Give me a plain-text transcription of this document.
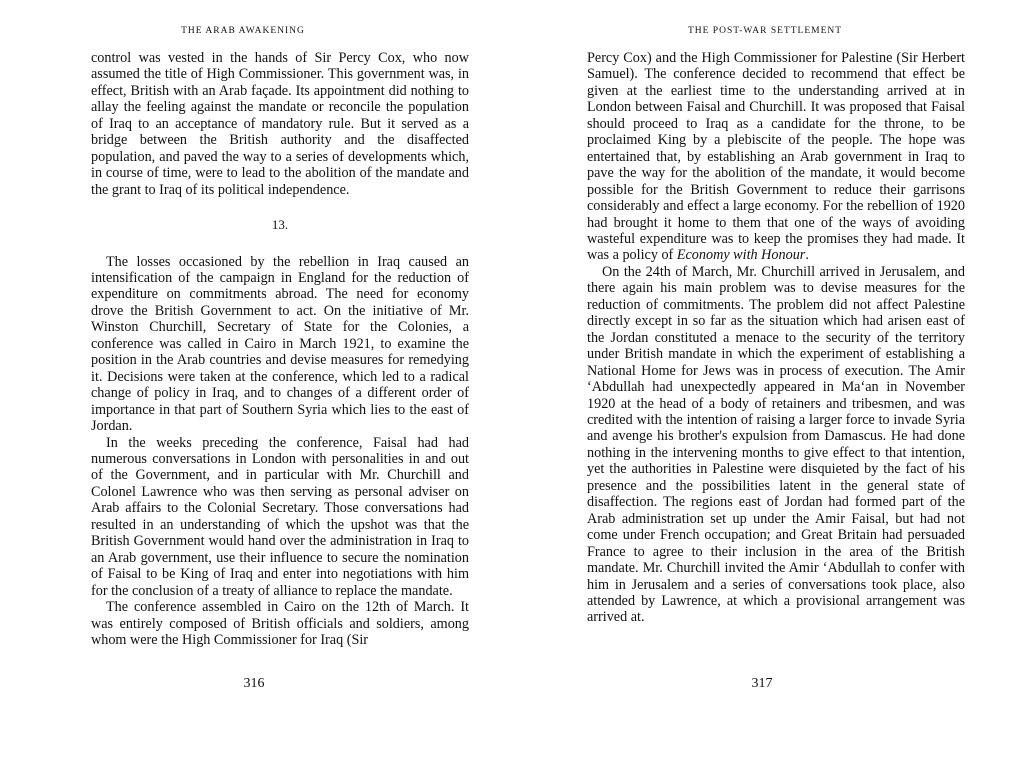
THE ARAB AWAKENING

control was vested in the hands of Sir Percy Cox, who now assumed the title of High Commissioner. This government was, in effect, British with an Arab façade. Its appointment did nothing to allay the feeling against the mandate or reconcile the population of Iraq to an acceptance of mandatory rule. But it served as a bridge between the British authority and the disaffected population, and paved the way to a series of developments which, in course of time, were to lead to the abolition of the mandate and the grant to Iraq of its political independence.

13.

The losses occasioned by the rebellion in Iraq caused an intensification of the campaign in England for the reduction of expenditure on commitments abroad. The need for economy drove the British Government to act. On the initiative of Mr. Winston Churchill, Secretary of State for the Colonies, a conference was called in Cairo in March 1921, to examine the position in the Arab countries and devise measures for remedying it. Decisions were taken at the conference, which led to a radical change of policy in Iraq, and to changes of a different order of importance in that part of Southern Syria which lies to the east of Jordan.

In the weeks preceding the conference, Faisal had had numerous conversations in London with personalities in and out of the Government, and in particular with Mr. Churchill and Colonel Lawrence who was then serving as personal adviser on Arab affairs to the Colonial Secretary. Those conversations had resulted in an understanding of which the upshot was that the British Government would hand over the administration in Iraq to an Arab government, use their influence to secure the nomination of Faisal to be King of Iraq and enter into negotiations with him for the conclusion of a treaty of alliance to replace the mandate.

The conference assembled in Cairo on the 12th of March. It was entirely composed of British officials and soldiers, among whom were the High Commissioner for Iraq (Sir

316
THE POST-WAR SETTLEMENT

Percy Cox) and the High Commissioner for Palestine (Sir Herbert Samuel). The conference decided to recommend that effect be given at the earliest time to the understanding arrived at in London between Faisal and Churchill. It was proposed that Faisal should proceed to Iraq as a candidate for the throne, to be proclaimed King by a plebiscite of the people. The hope was entertained that, by establishing an Arab government in Iraq to pave the way for the abolition of the mandate, it would become possible for the British Government to reduce their garrisons considerably and effect a large economy. For the rebellion of 1920 had brought it home to them that one of the ways of avoiding wasteful expenditure was to keep the promises they had made. It was a policy of Economy with Honour.

On the 24th of March, Mr. Churchill arrived in Jerusalem, and there again his main problem was to devise measures for the reduction of commitments. The problem did not affect Palestine directly except in so far as the situation which had arisen east of the Jordan constituted a menace to the security of the territory under British mandate in which the experiment of establishing a National Home for Jews was in process of execution. The Amir ‘Abdullah had unexpectedly appeared in Ma‘an in November 1920 at the head of a body of retainers and tribesmen, and was credited with the intention of raising a larger force to invade Syria and avenge his brother's expulsion from Damascus. He had done nothing in the intervening months to give effect to that intention, yet the authorities in Palestine were disquieted by the fact of his presence and the possibilities latent in the general state of disaffection. The regions east of Jordan had formed part of the Arab administration set up under the Amir Faisal, but had not come under French occupation; and Great Britain had persuaded France to agree to their inclusion in the area of the British mandate. Mr. Churchill invited the Amir ‘Abdullah to confer with him in Jerusalem and a series of conversations took place, also attended by Lawrence, at which a provisional arrangement was arrived at.

317
